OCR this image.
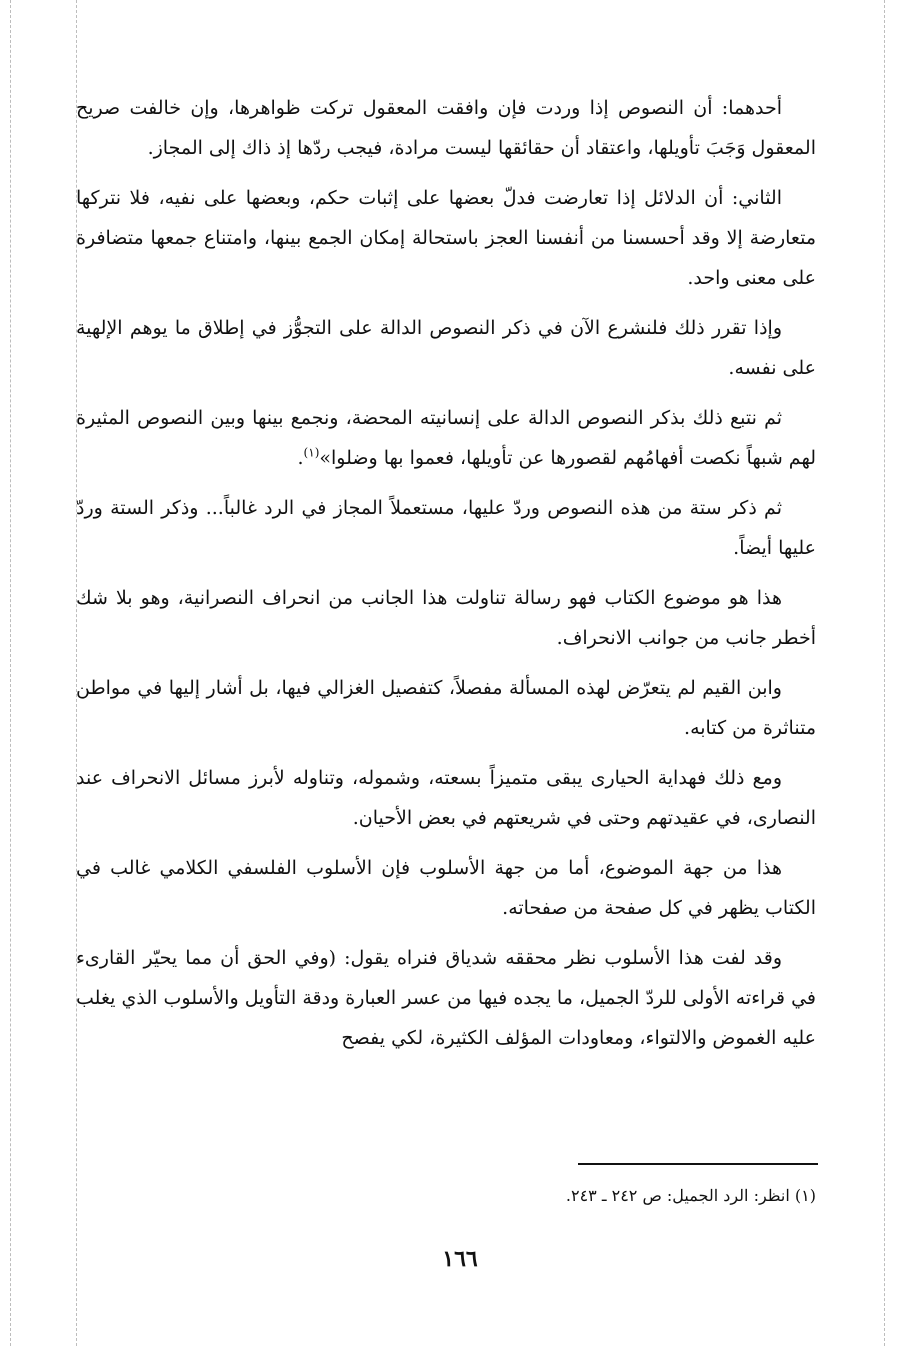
أحدهما: أن النصوص إذا وردت فإن وافقت المعقول تركت ظواهرها، وإن خالفت صريح المعقول وَجَبَ تأويلها، واعتقاد أن حقائقها ليست مرادة، فيجب ردّها إذ ذاك إلى المجاز.

الثاني: أن الدلائل إذا تعارضت فدلّ بعضها على إثبات حكم، وبعضها على نفيه، فلا نتركها متعارضة إلا وقد أحسسنا من أنفسنا العجز باستحالة إمكان الجمع بينها، وامتناع جمعها متضافرة على معنى واحد.

وإذا تقرر ذلك فلنشرع الآن في ذكر النصوص الدالة على التجوُّز في إطلاق ما يوهم الإلهية على نفسه.

ثم نتبع ذلك بذكر النصوص الدالة على إنسانيته المحضة، ونجمع بينها وبين النصوص المثيرة لهم شبهاً نكصت أفهامُهم لقصورها عن تأويلها، فعموا بها وضلوا»$^{(١)}$.

ثم ذكر ستة من هذه النصوص وردّ عليها، مستعملاً المجاز في الرد غالباً... وذكر الستة وردّ عليها أيضاً.

هذا هو موضوع الكتاب فهو رسالة تناولت هذا الجانب من انحراف النصرانية، وهو بلا شك أخطر جانب من جوانب الانحراف.

وابن القيم لم يتعرّض لهذه المسألة مفصلاً، كتفصيل الغزالي فيها، بل أشار إليها في مواطن متناثرة من كتابه.

ومع ذلك فهداية الحيارى يبقى متميزاً بسعته، وشموله، وتناوله لأبرز مسائل الانحراف عند النصارى، في عقيدتهم وحتى في شريعتهم في بعض الأحيان.

هذا من جهة الموضوع، أما من جهة الأسلوب فإن الأسلوب الفلسفي الكلامي غالب في الكتاب يظهر في كل صفحة من صفحاته.

وقد لفت هذا الأسلوب نظر محققه شدياق فنراه يقول: (وفي الحق أن مما يحيّر القارىء في قراءته الأولى للردّ الجميل، ما يجده فيها من عسر العبارة ودقة التأويل والأسلوب الذي يغلب عليه الغموض والالتواء، ومعاودات المؤلف الكثيرة، لكي يفصح

(١) انظر: الرد الجميل: ص ٢٤٢ ـ ٢٤٣.
١٦٦
